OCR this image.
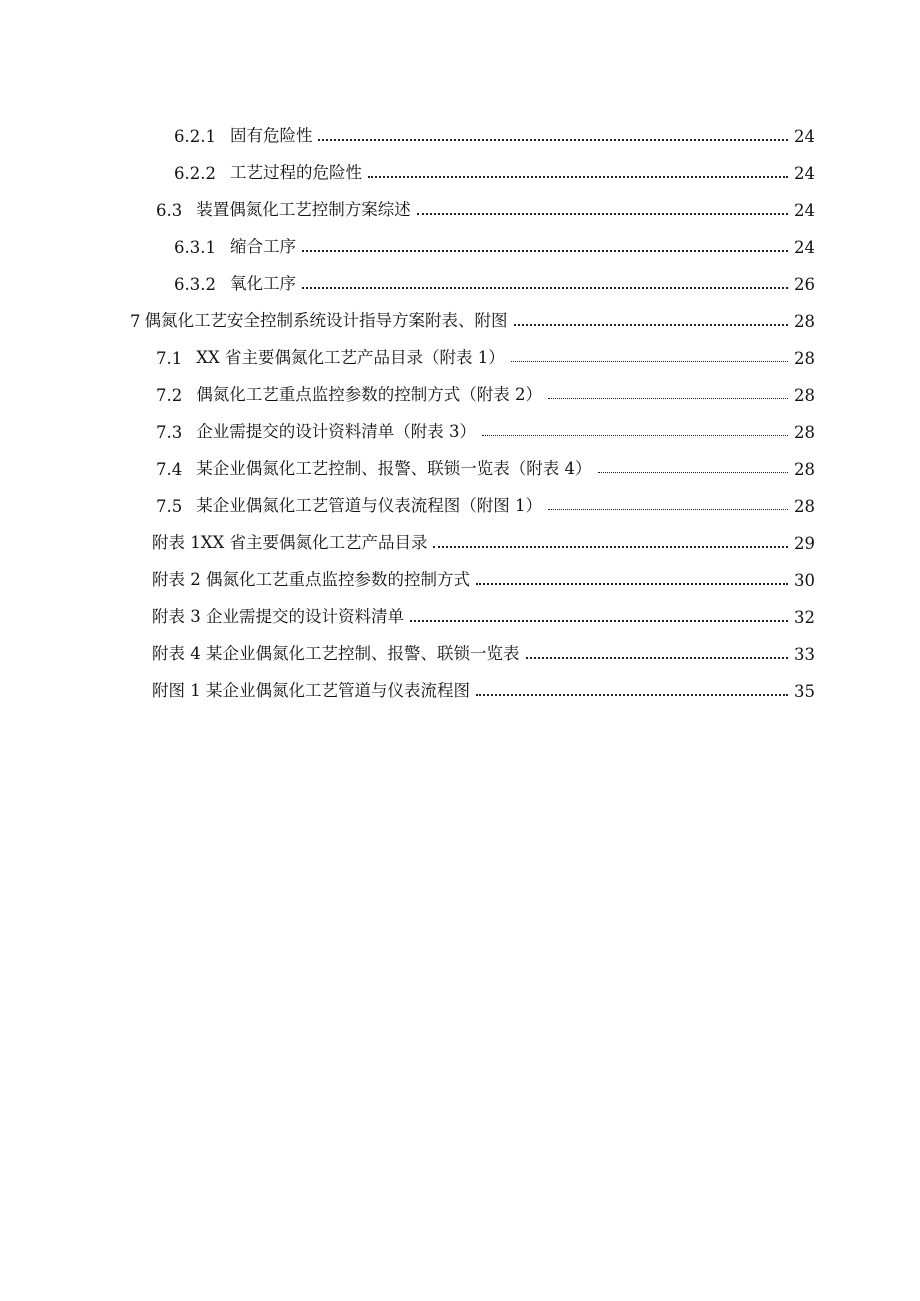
6.2.1 固有危险性	24
6.2.2 工艺过程的危险性	24
6.3 装置偶氮化工艺控制方案综述	24
6.3.1 缩合工序	24
6.3.2 氧化工序	26
7 偶氮化工艺安全控制系统设计指导方案附表、附图	28
7.1 XX 省主要偶氮化工艺产品目录（附表 1）	28
7.2 偶氮化工艺重点监控参数的控制方式（附表 2）	28
7.3 企业需提交的设计资料清单（附表 3）	28
7.4 某企业偶氮化工艺控制、报警、联锁一览表（附表 4）	28
7.5 某企业偶氮化工艺管道与仪表流程图（附图 1）	28
附表 1XX 省主要偶氮化工艺产品目录	29
附表 2 偶氮化工艺重点监控参数的控制方式	30
附表 3 企业需提交的设计资料清单	32
附表 4 某企业偶氮化工艺控制、报警、联锁一览表	33
附图 1 某企业偶氮化工艺管道与仪表流程图	35
